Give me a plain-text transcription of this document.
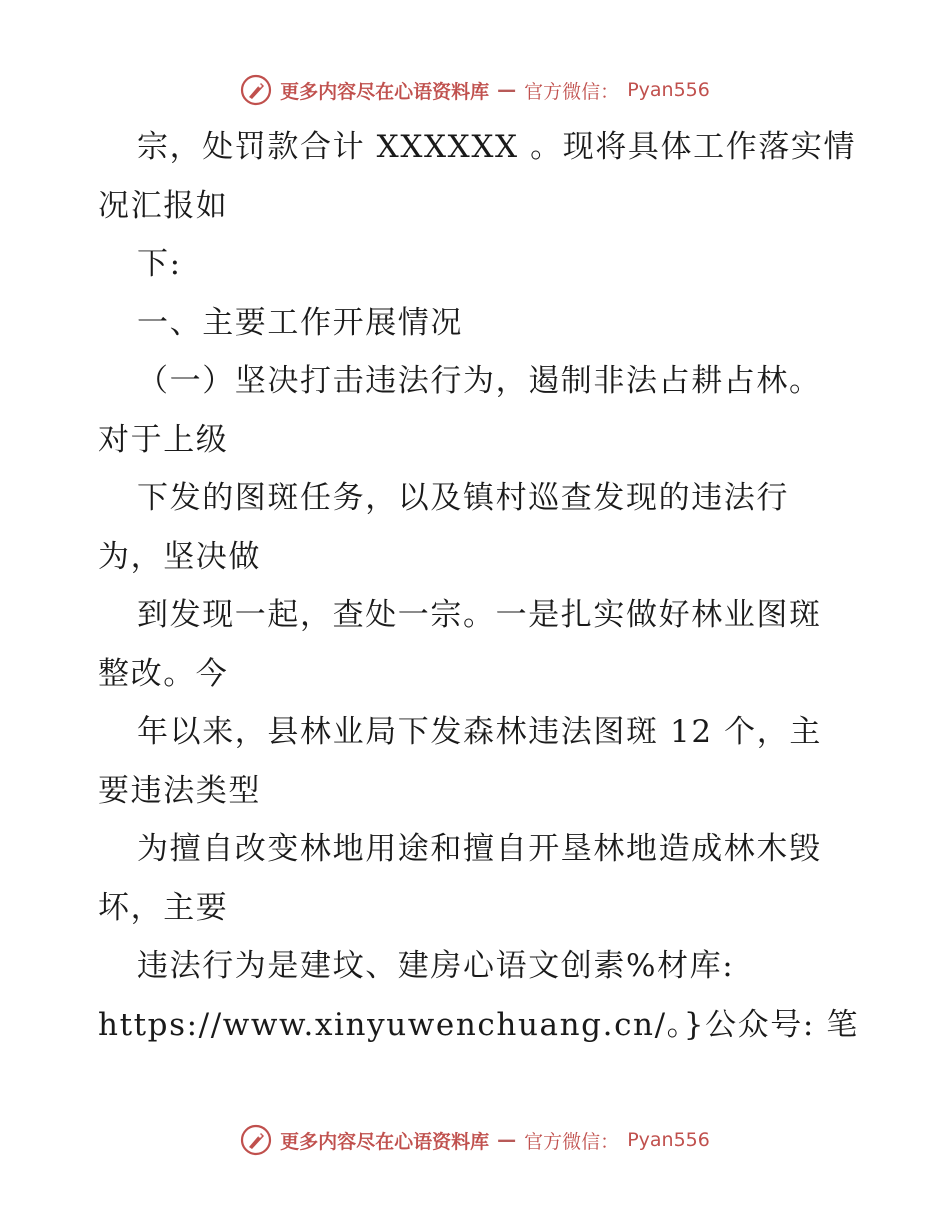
更多内容尽在心语资料库 — 官方微信： Pyan556
宗，处罚款合计 XXXXXX 。现将具体工作落实情
况汇报如
下:
一、主要工作开展情况
（一）坚决打击违法行为，遏制非法占耕占林。
对于上级
下发的图斑任务，以及镇村巡查发现的违法行
为，坚决做
到发现一起，查处一宗。一是扎实做好林业图斑
整改。今
年以来，县林业局下发森林违法图斑 12 个，主
要违法类型
为擅自改变林地用途和擅自开垦林地造成林木毁
坏，主要
违法行为是建坟、建房心语文创素%材库:
https://www.xinyuwenchuang.cn/。}公众号: 笔
更多内容尽在心语资料库 — 官方微信： Pyan556
